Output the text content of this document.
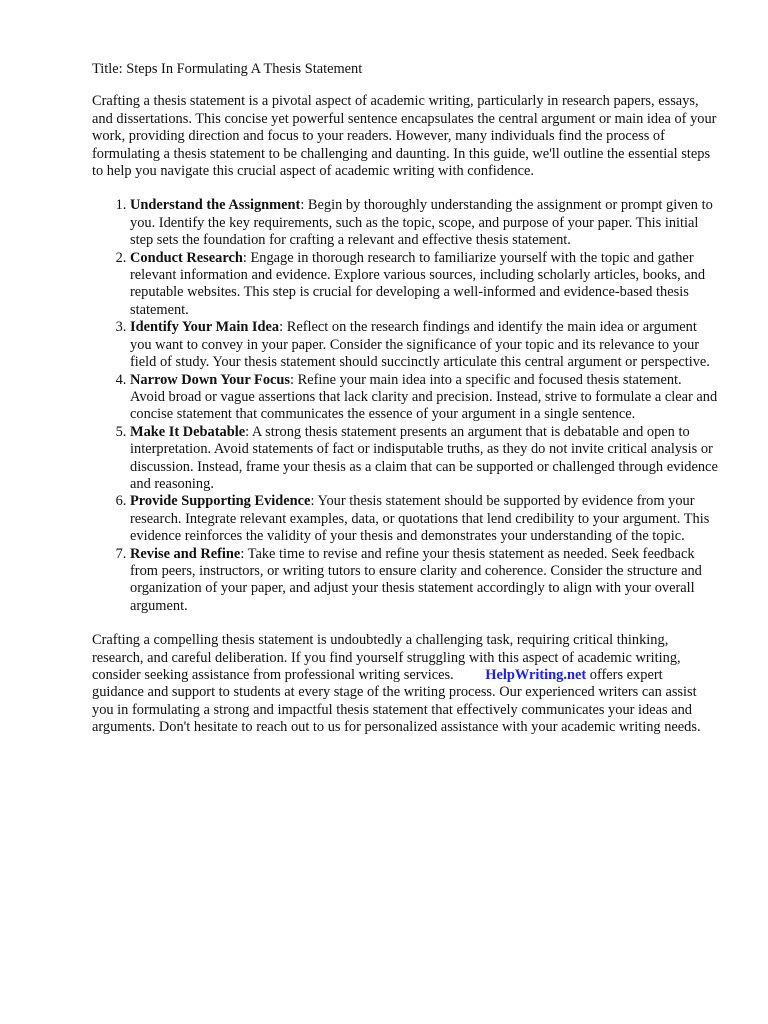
Title: Steps In Formulating A Thesis Statement

Crafting a thesis statement is a pivotal aspect of academic writing, particularly in research papers, essays, and dissertations. This concise yet powerful sentence encapsulates the central argument or main idea of your work, providing direction and focus to your readers. However, many individuals find the process of formulating a thesis statement to be challenging and daunting. In this guide, we'll outline the essential steps to help you navigate this crucial aspect of academic writing with confidence.

1. Understand the Assignment: Begin by thoroughly understanding the assignment or prompt given to you. Identify the key requirements, such as the topic, scope, and purpose of your paper. This initial step sets the foundation for crafting a relevant and effective thesis statement.
2. Conduct Research: Engage in thorough research to familiarize yourself with the topic and gather relevant information and evidence. Explore various sources, including scholarly articles, books, and reputable websites. This step is crucial for developing a well-informed and evidence-based thesis statement.
3. Identify Your Main Idea: Reflect on the research findings and identify the main idea or argument you want to convey in your paper. Consider the significance of your topic and its relevance to your field of study. Your thesis statement should succinctly articulate this central argument or perspective.
4. Narrow Down Your Focus: Refine your main idea into a specific and focused thesis statement. Avoid broad or vague assertions that lack clarity and precision. Instead, strive to formulate a clear and concise statement that communicates the essence of your argument in a single sentence.
5. Make It Debatable: A strong thesis statement presents an argument that is debatable and open to interpretation. Avoid statements of fact or indisputable truths, as they do not invite critical analysis or discussion. Instead, frame your thesis as a claim that can be supported or challenged through evidence and reasoning.
6. Provide Supporting Evidence: Your thesis statement should be supported by evidence from your research. Integrate relevant examples, data, or quotations that lend credibility to your argument. This evidence reinforces the validity of your thesis and demonstrates your understanding of the topic.
7. Revise and Refine: Take time to revise and refine your thesis statement as needed. Seek feedback from peers, instructors, or writing tutors to ensure clarity and coherence. Consider the structure and organization of your paper, and adjust your thesis statement accordingly to align with your overall argument.

Crafting a compelling thesis statement is undoubtedly a challenging task, requiring critical thinking, research, and careful deliberation. If you find yourself struggling with this aspect of academic writing, consider seeking assistance from professional writing services. HelpWriting.net offers expert guidance and support to students at every stage of the writing process. Our experienced writers can assist you in formulating a strong and impactful thesis statement that effectively communicates your ideas and arguments. Don't hesitate to reach out to us for personalized assistance with your academic writing needs.
